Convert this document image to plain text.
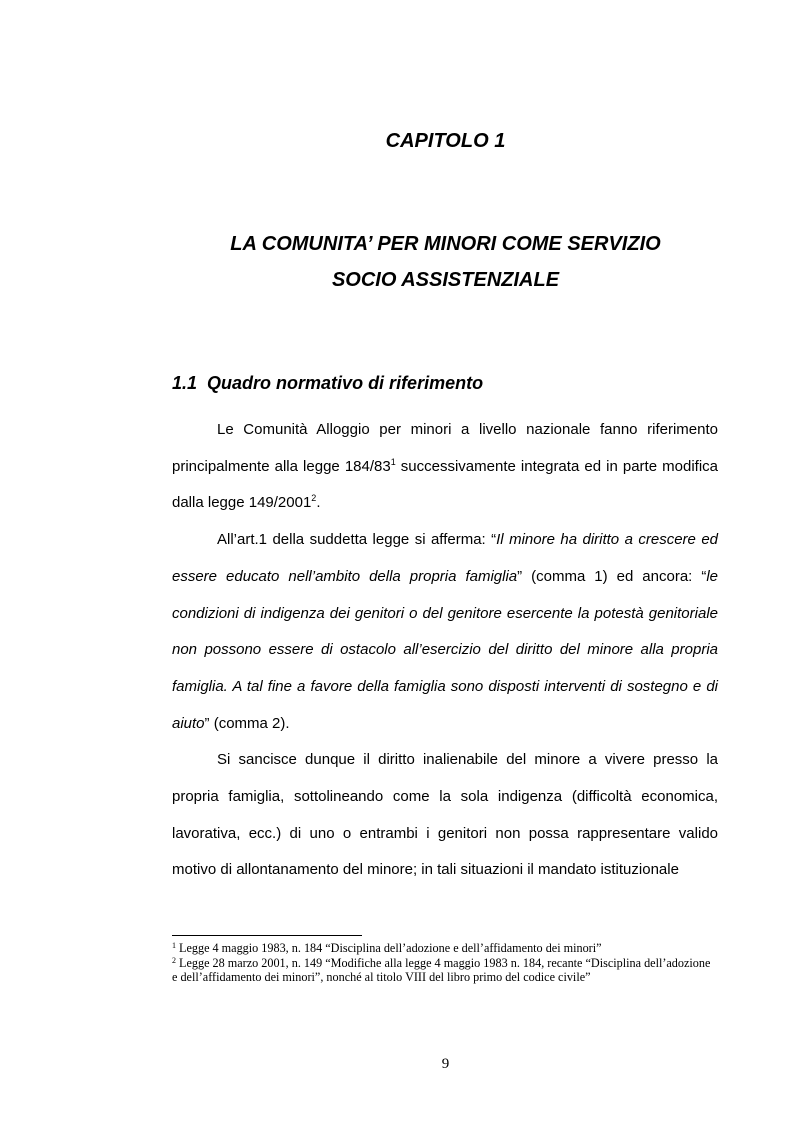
CAPITOLO 1
LA COMUNITA’ PER MINORI COME SERVIZIO
SOCIO ASSISTENZIALE
1.1 Quadro normativo di riferimento

Le Comunità Alloggio per minori a livello nazionale fanno riferimento principalmente alla legge $184/83^1$ successivamente integrata ed in parte modifica dalla legge 149/2001$^2$.

All’art.1 della suddetta legge si afferma: “Il minore ha diritto a crescere ed essere educato nell’ambito della propria famiglia” (comma 1) ed ancora: “le condizioni di indigenza dei genitori o del genitore esercente la potestà genitoriale non possono essere di ostacolo all’esercizio del diritto del minore alla propria famiglia. A tal fine a favore della famiglia sono disposti interventi di sostegno e di aiuto” (comma 2).

Si sancisce dunque il diritto inalienabile del minore a vivere presso la propria famiglia, sottolineando come la sola indigenza (difficoltà economica, lavorativa, ecc.) di uno o entrambi i genitori non possa rappresentare valido motivo di allontanamento del minore; in tali situazioni il mandato istituzionale

$^1$ Legge 4 maggio 1983, n. 184 “Disciplina dell’adozione e dell’affidamento dei minori”
$^2$ Legge 28 marzo 2001, n. 149 “Modifiche alla legge 4 maggio 1983 n. 184, recante “Disciplina dell’adozione e dell’affidamento dei minori”, nonché al titolo VIII del libro primo del codice civile”
9
